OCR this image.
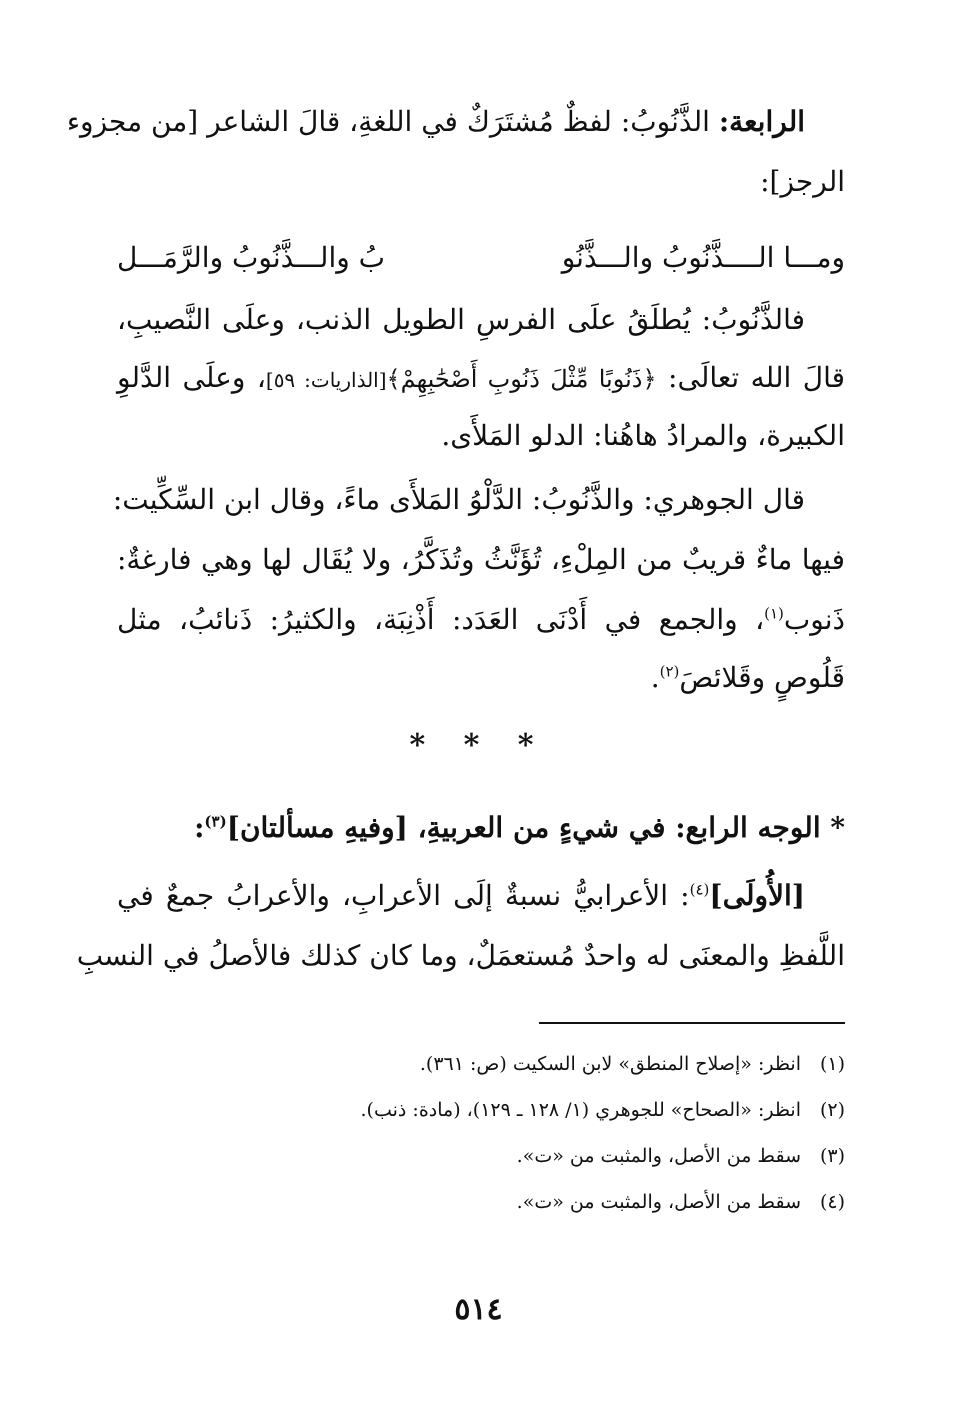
الرابعة: الذَّنُوبُ: لفظٌ مُشتَرَكٌ في اللغةِ، قالَ الشاعر [من مجزوء
الرجز]:
ومـــا الــــذَّنُوبُ والـــذَّنُو
بُ والـــذَّنُوبُ والرَّمَـــل
فالذَّنُوبُ: يُطلَقُ علَى الفرسِ الطويل الذنب، وعلَى النَّصيبِ،
قالَ الله تعالَى: ﴿ذَنُوبًا مِّثْلَ ذَنُوبِ أَصْحَٰبِهِمْ﴾[الذاريات: ٥٩]، وعلَى الدَّلوِ
الكبيرة، والمرادُ هاهُنا: الدلو المَلأَى.
قال الجوهري: والذَّنُوبُ: الدَّلْوُ المَلأَى ماءً، وقال ابن السِّكِّيت:
فيها ماءٌ قريبٌ من المِلْءِ، تُؤَنَّثُ وتُذَكَّرُ، ولا يُقَال لها وهي فارغةٌ:
ذَنوب$^{(١)}$، والجمع في أَدْنَى العَدَد: أَذْنِبَة، والكثيرُ: ذَنائبُ، مثل
قَلُوصٍ وقَلائصَ$^{(٢)}$.
* * *
* الوجه الرابع: في شيءٍ من العربيةِ، [وفيهِ مسألتان]$^{(٣)}$:
[الأُولَى]$^{(٤)}$: الأعرابيُّ نسبةٌ إلَى الأعرابِ، والأعرابُ جمعٌ في
اللَّفظِ والمعنَى له واحدٌ مُستعمَلٌ، وما كان كذلك فالأصلُ في النسبِ
(١)انظر: «إصلاح المنطق» لابن السكيت (ص: ٣٦١).
(٢)انظر: «الصحاح» للجوهري (١/ ١٢٨ ـ ١٢٩)، (مادة: ذنب).
(٣)سقط من الأصل، والمثبت من «ت».
(٤)سقط من الأصل، والمثبت من «ت».
٥١٤
